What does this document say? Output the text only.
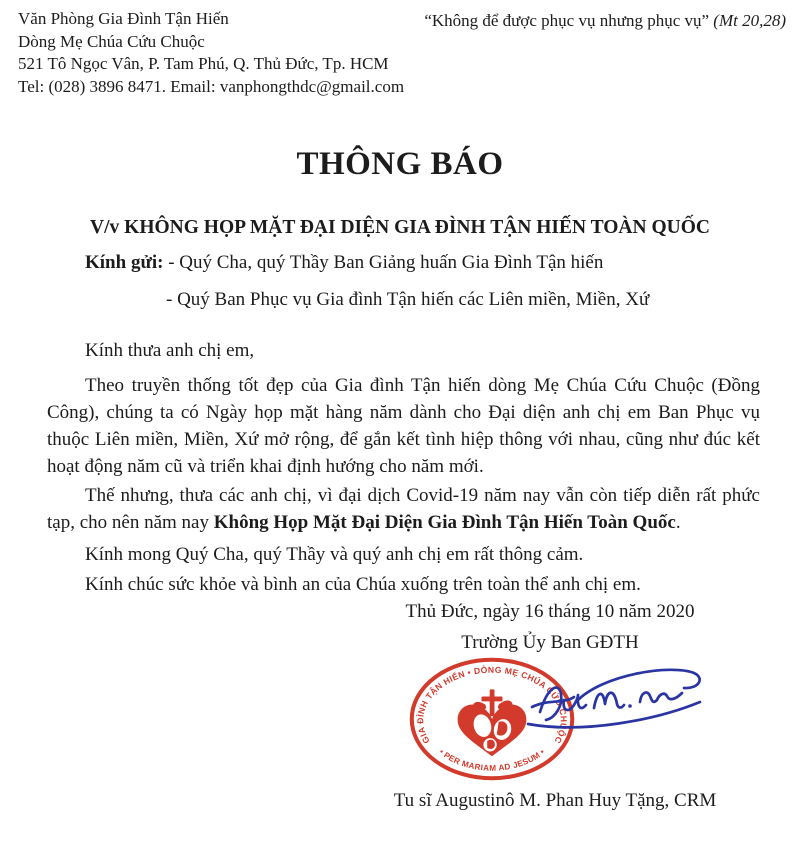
Văn Phòng Gia Đình Tận Hiến
Dòng Mẹ Chúa Cứu Chuộc
521 Tô Ngọc Vân, P. Tam Phú, Q. Thủ Đức, Tp. HCM
Tel: (028) 3896 8471. Email: vanphongthdc@gmail.com
“Không để được phục vụ nhưng phục vụ” (Mt 20,28)
THÔNG BÁO
V/v KHÔNG HỌP MẶT ĐẠI DIỆN GIA ĐÌNH TẬN HIẾN TOÀN QUỐC
Kính gửi: - Quý Cha, quý Thầy Ban Giảng huấn Gia Đình Tận hiến
- Quý Ban Phục vụ Gia đình Tận hiến các Liên miền, Miền, Xứ
Kính thưa anh chị em,
Theo truyền thống tốt đẹp của Gia đình Tận hiến dòng Mẹ Chúa Cứu Chuộc (Đồng Công), chúng ta có Ngày họp mặt hàng năm dành cho Đại diện anh chị em Ban Phục vụ thuộc Liên miền, Miền, Xứ mở rộng, để gắn kết tình hiệp thông với nhau, cũng như đúc kết hoạt động năm cũ và triển khai định hướng cho năm mới.
Thế nhưng, thưa các anh chị, vì đại dịch Covid-19 năm nay vẫn còn tiếp diễn rất phức tạp, cho nên năm nay Không Họp Mặt Đại Diện Gia Đình Tận Hiến Toàn Quốc.
Kính mong Quý Cha, quý Thầy và quý anh chị em rất thông cảm.
Kính chúc sức khỏe và bình an của Chúa xuống trên toàn thể anh chị em.
Thủ Đức, ngày 16 tháng 10 năm 2020
Trường Ủy Ban GĐTH
GIA ĐÌNH TẬN HIẾN • DÒNG MẸ CHÚA CỨU CHUỘC
• PER MARIAM AD JESUM •
Tu sĩ Augustinô M. Phan Huy Tặng, CRM
